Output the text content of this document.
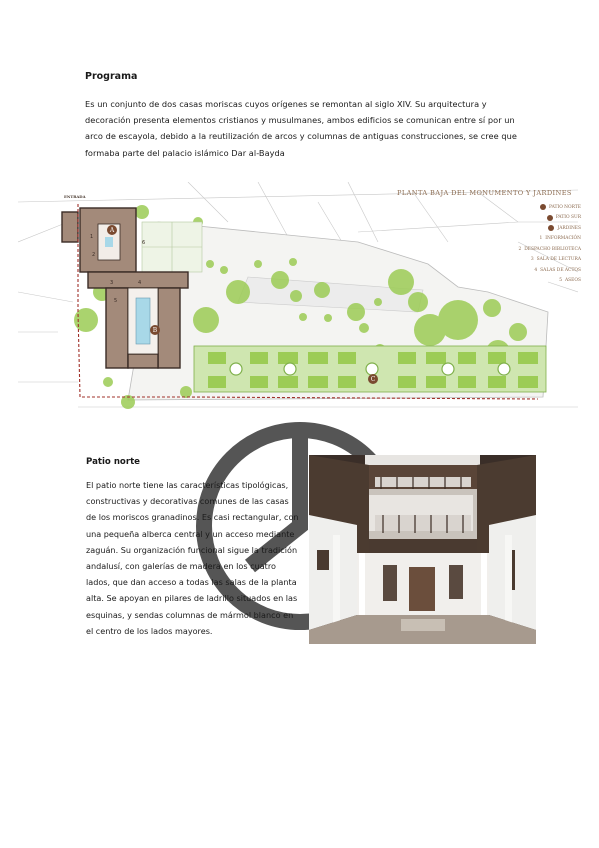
Programa

Es un conjunto de dos casas moriscas cuyos orígenes se remontan al siglo XIV. Su arquitectura y decoración presenta elementos cristianos y musulmanes, ambos edificios se comunican entre sí por un arco de escayola, debido a la reutilización de arcos y columnas de antiguas construcciones, se cree que formaba parte del palacio islámico Dar al-Bayda

A
B
C
1
2
3	4
5
6
ENTRADA	PLANTA BAJA DEL MONUMENTO Y JARDINES
PATIO NORTE
PATIO SUR
JARDINES
1 INFORMACIÓN
2 DESPACHO BIBLIOTECA
3 SALA DE LECTURA
4 SALAS DE ACTOS
5 ASEOS
Patio norte

El patio norte tiene las características tipológicas, constructivas y decorativas comunes de las casas de los moriscos granadinos. Es casi rectangular, con una pequeña alberca central y un acceso mediante zaguán. Su organización funcional sigue la tradición andalusí, con galerías de madera en los cuatro lados, que dan acceso a todas las salas de la planta alta. Se apoyan en pilares de ladrillo situados en las esquinas, y sendas columnas de mármol blanco en el centro de los lados mayores.
